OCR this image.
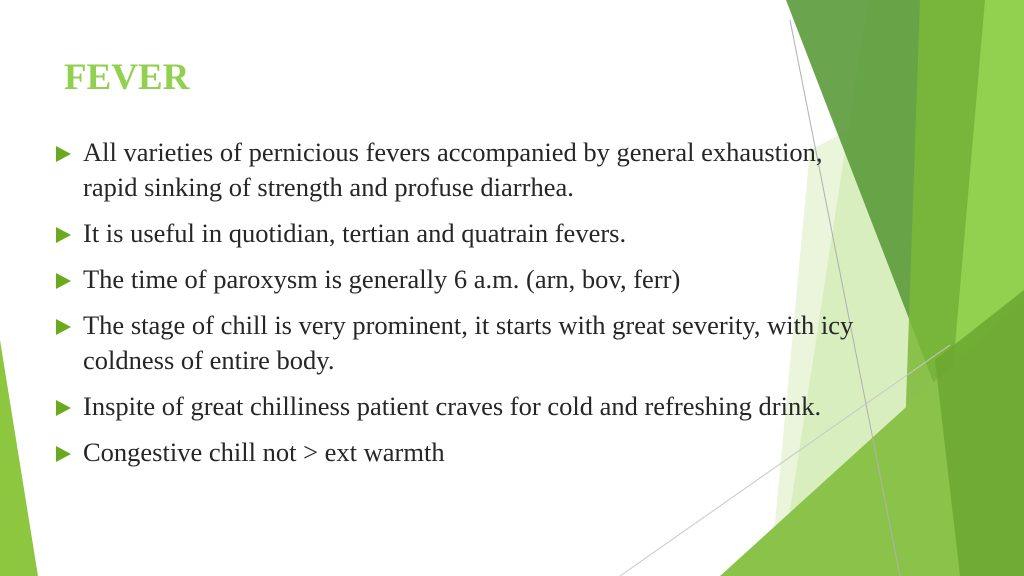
FEVER
All varieties of pernicious fevers accompanied by general exhaustion, rapid sinking of strength and profuse diarrhea.
It is useful in quotidian, tertian and quatrain fevers.
The time of paroxysm is generally 6 a.m. (arn, bov, ferr)
The stage of chill is very prominent, it starts with great severity, with icy coldness of entire body.
Inspite of great chilliness patient craves for cold and refreshing drink.
Congestive chill not > ext warmth
